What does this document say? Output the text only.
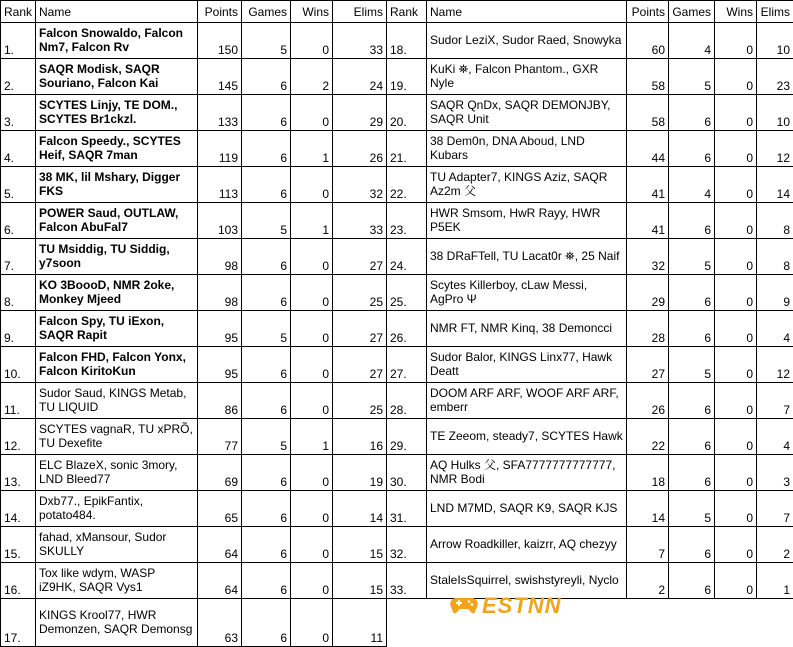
Rank	Name	Points	Games	Wins	Elims
1.	Falcon Snowaldo, Falcon Nm7, Falcon Rv	150	5	0	33
2.	SAQR Modisk, SAQR Souriano, Falcon Kai	145	6	2	24
3.	SCYTES Linjy, TE DOM., SCYTES Br1ckzl.	133	6	0	29
4.	Falcon Speedy., SCYTES Heif, SAQR 7man	119	6	1	26
5.	38 MK, lil Mshary, Digger FKS	113	6	0	32
6.	POWER Saud, OUTLAW, Falcon AbuFal7	103	5	1	33
7.	TU Msiddig, TU Siddig, y7soon	98	6	0	27
8.	KO 3BoooD, NMR 2oke, Monkey Mjeed	98	6	0	25
9.	Falcon Spy, TU iExon, SAQR Rapit	95	5	0	27
10.	Falcon FHD, Falcon Yonx, Falcon KiritoKun	95	6	0	27
11.	Sudor Saud, KINGS Metab, TU LIQUID	86	6	0	25
12.	SCYTES vagnaR, TU xPRÕ, TU Dexefite	77	5	1	16
13.	ELC BlazeX, sonic 3mory, LND Bleed77	69	6	0	19
14.	Dxb77., EpikFantix, potato484.	65	6	0	14
15.	fahad, xMansour, Sudor SKULLY	64	6	0	15
16.	Tox like wdym, WASP iZ9HK, SAQR Vys1	64	6	0	15
17.	KINGS Krool77, HWR Demonzen, SAQR Demonsg	63	6	0	11
Rank	Name	Points	Games	Wins	Elims
18.	Sudor LeziX, Sudor Raed, Snowyka	60	4	0	10
19.	KuKi ⛯, Falcon Phantom., GXR Nyle	58	5	0	23
20.	SAQR QnDx, SAQR DEMONJBY, SAQR Unit	58	6	0	10
21.	38 Dem0n, DNA Aboud, LND Kubars	44	6	0	12
22.	TU Adapter7, KINGS Aziz, SAQR Az2m 父	41	4	0	14
23.	HWR Smsom, HwR Rayy, HWR P5EK	41	6	0	8
24.	38 DRaFTell, TU Lacat0r ⛯, 25 Naif	32	5	0	8
25.	Scytes Killerboy, cLaw Messi, AgPro Ψ	29	6	0	9
26.	NMR FT, NMR Kinq, 38 Demoncci	28	6	0	4
27.	Sudor Balor, KINGS Linx77, Hawk Deatt	27	5	0	12
28.	DOOM ARF ARF, WOOF ARF ARF, emberr	26	6	0	7
29.	TE Zeeom, steady7, SCYTES Hawk	22	6	0	4
30.	AQ Hulks 父, SFA7777777777777, NMR Bodi	18	6	0	3
31.	LND M7MD, SAQR K9, SAQR KJS	14	5	0	7
32.	Arrow Roadkiller, kaizrr, AQ chezyy	7	6	0	2
33.	StaleIsSquirrel, swishstyreyli, Nyclo	2	6	0	1
ESTNN
